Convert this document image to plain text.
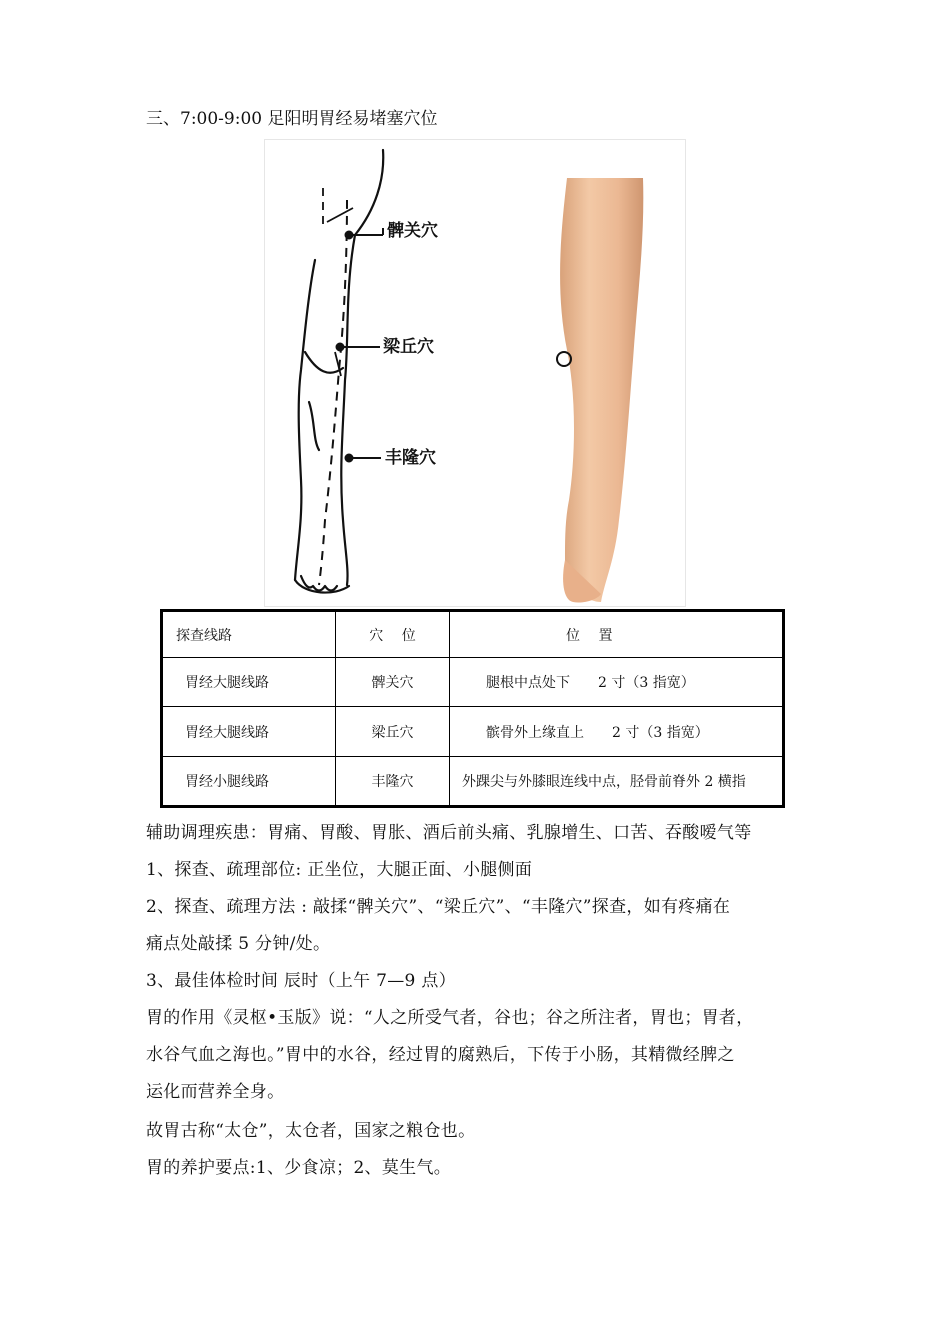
三、7:00-9:00 足阳明胃经易堵塞穴位
髀关穴
梁丘穴
丰隆穴
探查线路	穴　 位	位　 置
胃经大腿线路	髀关穴	腿根中点处下　　2 寸（3 指宽）
胃经大腿线路	梁丘穴	髌骨外上缘直上　　2 寸（3 指宽）
胃经小腿线路	丰隆穴	外踝尖与外膝眼连线中点，胫骨前脊外 2 横指
辅助调理疾患：胃痛、胃酸、胃胀、酒后前头痛、乳腺增生、口苦、吞酸嗳气等
1、探查、疏理部位: 正坐位，大腿正面、小腿侧面
2、探查、疏理方法 : 敲揉“髀关穴”、“梁丘穴”、“丰隆穴”探查，如有疼痛在
痛点处敲揉 5 分钟/处。
3、最佳体检时间 辰时（上午 7—9 点）
胃的作用《灵枢•玉版》说：“人之所受气者，谷也；谷之所注者，胃也；胃者，
水谷气血之海也。”胃中的水谷，经过胃的腐熟后，下传于小肠，其精微经脾之
运化而营养全身。
故胃古称“太仓”，太仓者，国家之粮仓也。
胃的养护要点:1、少食凉；2、莫生气。
